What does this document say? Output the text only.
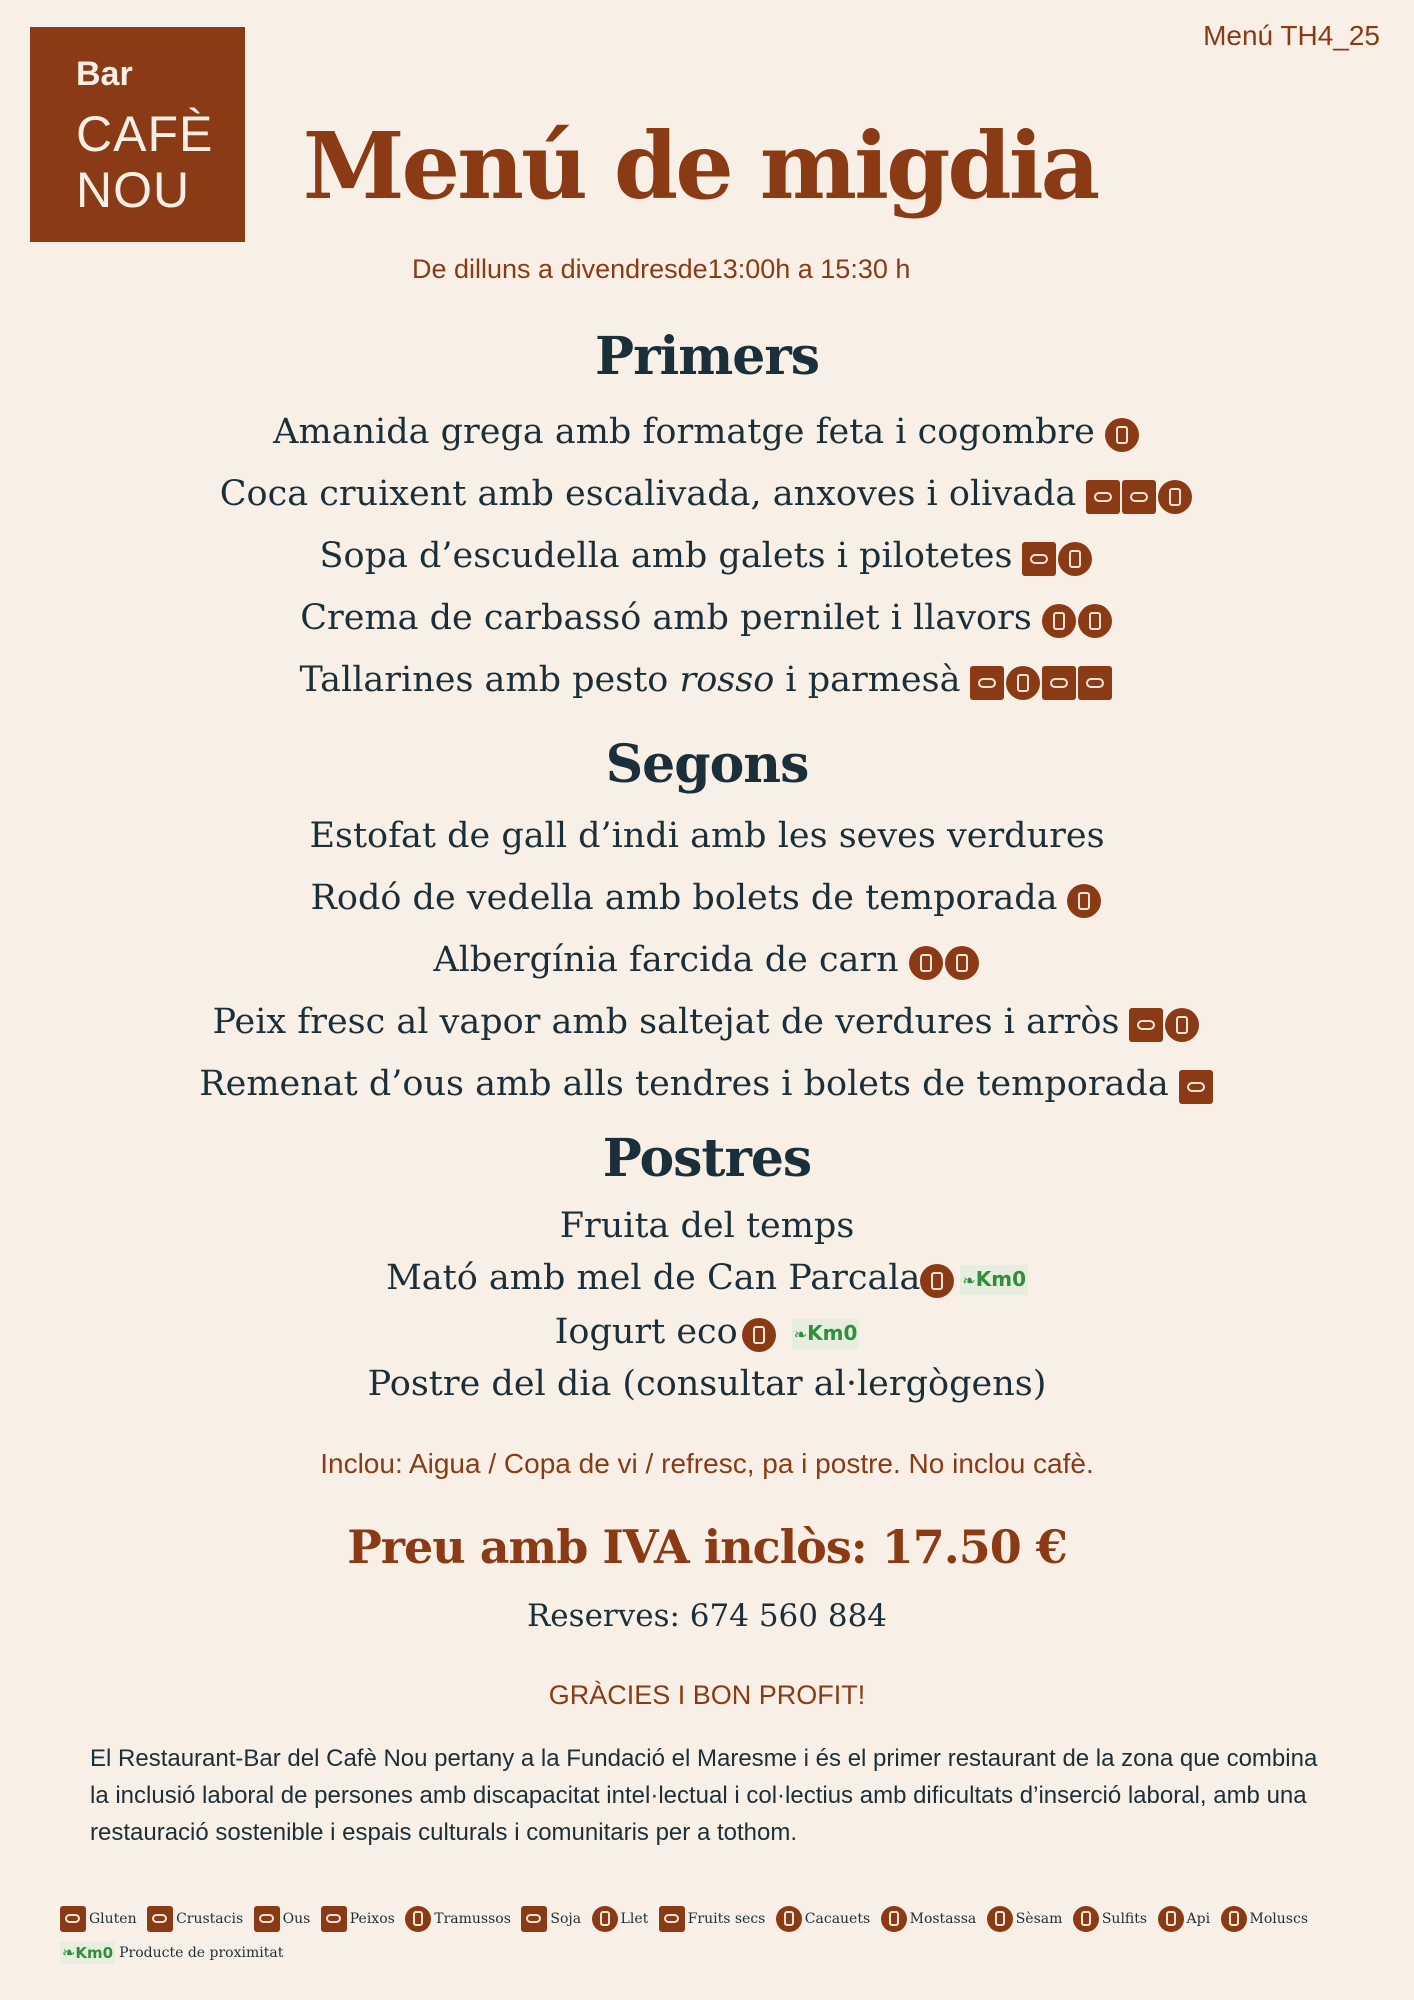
Bar
CAFÈ
NOU
Menú TH4_25
Menú de migdia
De dilluns a divendresde13:00h a 15:30 h
Primers
Amanida grega amb formatge feta i cogombre
Coca cruixent amb escalivada, anxoves i olivada
Sopa d’escudella amb galets i pilotetes
Crema de carbassó amb pernilet i llavors
Tallarines amb pesto rosso i parmesà
Segons
Estofat de gall d’indi amb les seves verdures
Rodó de vedella amb bolets de temporada
Albergínia farcida de carn
Peix fresc al vapor amb saltejat de verdures i arròs
Remenat d’ous amb alls tendres i bolets de temporada
Postres
Fruita del temps
Mató amb mel de Can Parcala	❧Km0
Iogurt eco	❧Km0
Postre del dia (consultar al·lergògens)
Inclou: Aigua / Copa de vi / refresc, pa i postre. No inclou cafè.
Preu amb IVA inclòs: 17.50 €
Reserves: 674 560 884
GRÀCIES I BON PROFIT!
El Restaurant-Bar del Cafè Nou pertany a la Fundació el Maresme i és el primer restaurant de la zona que combina la inclusió laboral de persones amb discapacitat intel·lectual i col·lectius amb dificultats d’inserció laboral, amb una restauració sostenible i espais culturals i comunitaris per a tothom.
Gluten	Crustacis	Ous	Peixos	Tramussos	Soja	Llet	Fruits secs	Cacauets	Mostassa	Sèsam	Sulfits	Api	Moluscs
❧Km0 Producte de proximitat
